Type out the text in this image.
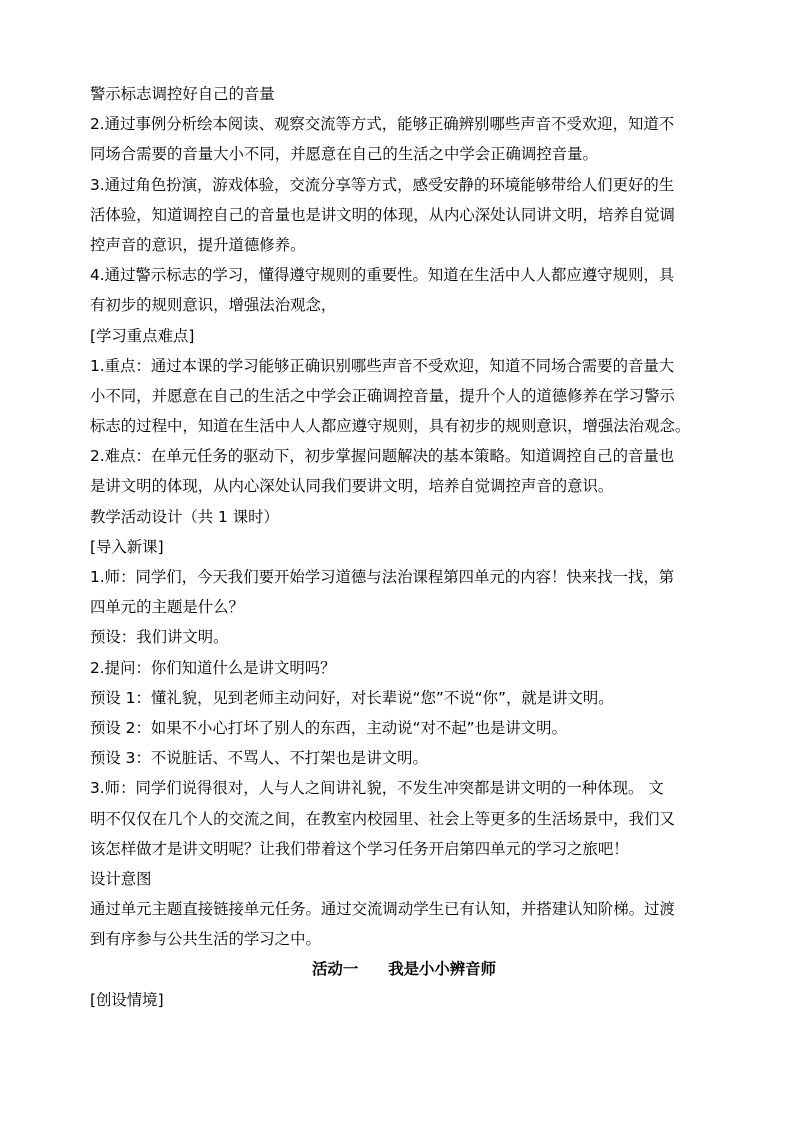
警示标志调控好自己的音量
2.通过事例分析绘本阅读、观察交流等方式，能够正确辨别哪些声音不受欢迎，知道不
同场合需要的音量大小不同，并愿意在自己的生活之中学会正确调控音量。
3.通过角色扮演，游戏体验，交流分享等方式，感受安静的环境能够带给人们更好的生
活体验，知道调控自己的音量也是讲文明的体现，从内心深处认同讲文明，培养自觉调
控声音的意识，提升道德修养。
4.通过警示标志的学习，懂得遵守规则的重要性。知道在生活中人人都应遵守规则，具
有初步的规则意识，增强法治观念，
[学习重点难点]
1.重点：通过本课的学习能够正确识别哪些声音不受欢迎，知道不同场合需要的音量大
小不同，并愿意在自己的生活之中学会正确调控音量，提升个人的道德修养在学习警示
标志的过程中，知道在生活中人人都应遵守规则，具有初步的规则意识，增强法治观念。
2.难点：在单元任务的驱动下，初步掌握问题解决的基本策略。知道调控自己的音量也
是讲文明的体现，从内心深处认同我们要讲文明，培养自觉调控声音的意识。
教学活动设计（共 1 课时）
[导入新课]
1.师：同学们，今天我们要开始学习道德与法治课程第四单元的内容！快来找一找，第
四单元的主题是什么？
预设：我们讲文明。
2.提问：你们知道什么是讲文明吗？
预设 1：懂礼貌，见到老师主动问好，对长辈说“您”不说“你”，就是讲文明。
预设 2：如果不小心打坏了别人的东西，主动说“对不起”也是讲文明。
预设 3：不说脏话、不骂人、不打架也是讲文明。
3.师：同学们说得很对，人与人之间讲礼貌，不发生冲突都是讲文明的一种体现。 文
明不仅仅在几个人的交流之间，在教室内校园里、社会上等更多的生活场景中，我们又
该怎样做才是讲文明呢？让我们带着这个学习任务开启第四单元的学习之旅吧！
设计意图
通过单元主题直接链接单元任务。通过交流调动学生已有认知，并搭建认知阶梯。过渡
到有序参与公共生活的学习之中。
活动一 我是小小辨音师
[创设情境]
